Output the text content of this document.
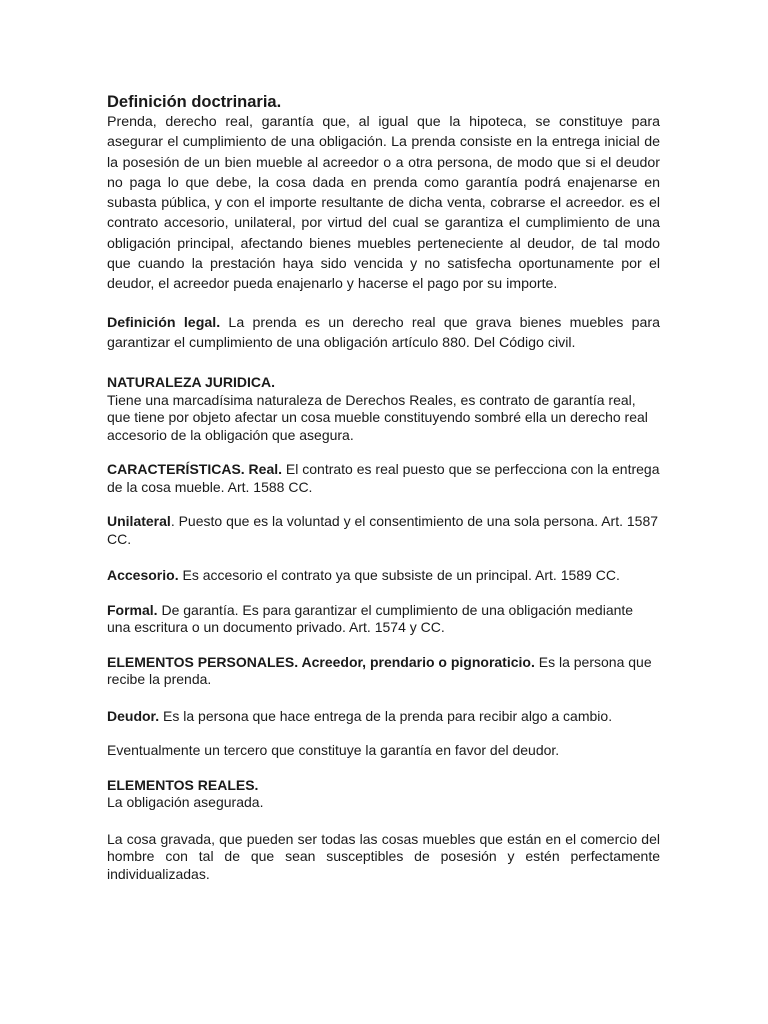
Definición doctrinaria.

Prenda, derecho real, garantía que, al igual que la hipoteca, se constituye para asegurar el cumplimiento de una obligación. La prenda consiste en la entrega inicial de la posesión de un bien mueble al acreedor o a otra persona, de modo que si el deudor no paga lo que debe, la cosa dada en prenda como garantía podrá enajenarse en subasta pública, y con el importe resultante de dicha venta, cobrarse el acreedor. es el contrato accesorio, unilateral, por virtud del cual se garantiza el cumplimiento de una obligación principal, afectando bienes muebles perteneciente al deudor, de tal modo que cuando la prestación haya sido vencida y no satisfecha oportunamente por el deudor, el acreedor pueda enajenarlo y hacerse el pago por su importe.

Definición legal. La prenda es un derecho real que grava bienes muebles para garantizar el cumplimiento de una obligación artículo 880. Del Código civil.

NATURALEZA JURIDICA.

Tiene una marcadísima naturaleza de Derechos Reales, es contrato de garantía real, que tiene por objeto afectar un cosa mueble constituyendo sombré ella un derecho real accesorio de la obligación que asegura.

CARACTERÍSTICAS. Real. El contrato es real puesto que se perfecciona con la entrega de la cosa mueble. Art. 1588 CC.

Unilateral. Puesto que es la voluntad y el consentimiento de una sola persona. Art. 1587 CC.

Accesorio. Es accesorio el contrato ya que subsiste de un principal. Art. 1589 CC.

Formal. De garantía. Es para garantizar el cumplimiento de una obligación mediante una escritura o un documento privado. Art. 1574 y CC.

ELEMENTOS PERSONALES. Acreedor, prendario o pignoraticio. Es la persona que recibe la prenda.

Deudor. Es la persona que hace entrega de la prenda para recibir algo a cambio.

Eventualmente un tercero que constituye la garantía en favor del deudor.

ELEMENTOS REALES.

La obligación asegurada.

La cosa gravada, que pueden ser todas las cosas muebles que están en el comercio del hombre con tal de que sean susceptibles de posesión y estén perfectamente individualizadas.
